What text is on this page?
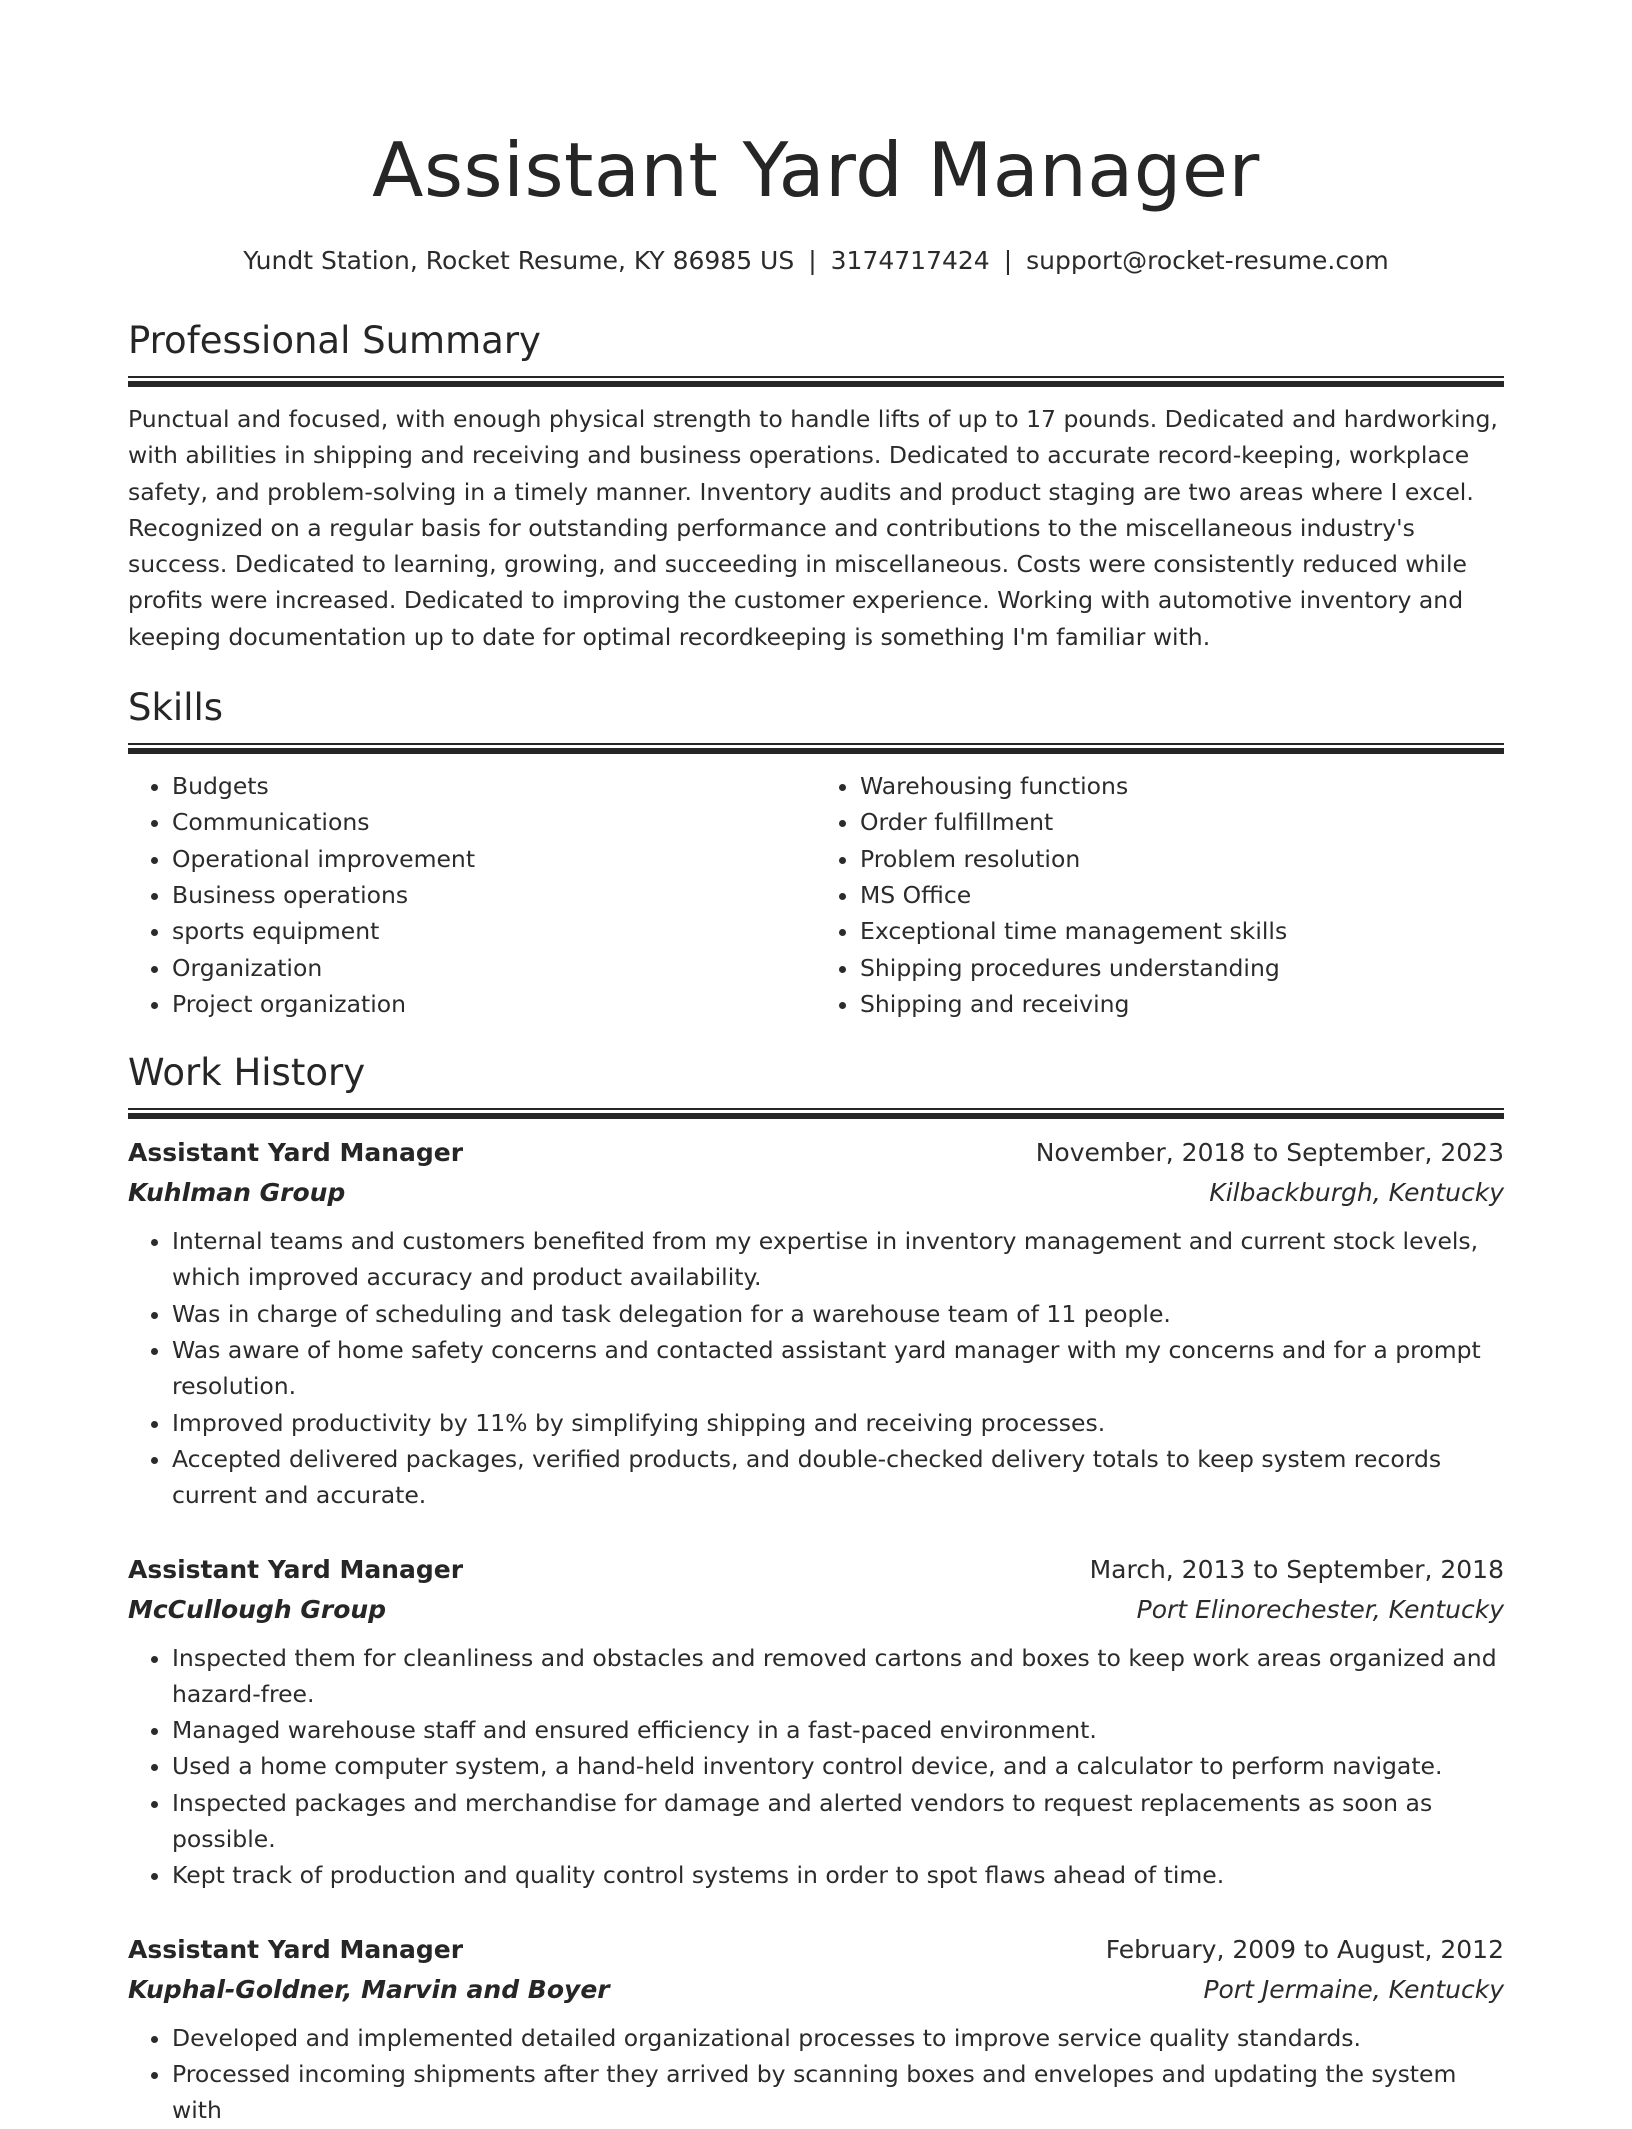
Assistant Yard Manager
Yundt Station, Rocket Resume, KY 86985 US | 3174717424 | support@rocket-resume.com
Professional Summary

Punctual and focused, with enough physical strength to handle lifts of up to 17 pounds. Dedicated and hardworking, with abilities in shipping and receiving and business operations. Dedicated to accurate record-keeping, workplace safety, and problem-solving in a timely manner. Inventory audits and product staging are two areas where I excel. Recognized on a regular basis for outstanding performance and contributions to the miscellaneous industry's success. Dedicated to learning, growing, and succeeding in miscellaneous. Costs were consistently reduced while profits were increased. Dedicated to improving the customer experience. Working with automotive inventory and keeping documentation up to date for optimal recordkeeping is something I'm familiar with.

Skills
• Budgets
• Communications
• Operational improvement
• Business operations
• sports equipment
• Organization
• Project organization
• Warehousing functions
• Order fulfillment
• Problem resolution
• MS Office
• Exceptional time management skills
• Shipping procedures understanding
• Shipping and receiving
Work History
Assistant Yard Manager	November, 2018 to September, 2023
Kuhlman Group	Kilbackburgh, Kentucky
• Internal teams and customers benefited from my expertise in inventory management and current stock levels, which improved accuracy and product availability.
• Was in charge of scheduling and task delegation for a warehouse team of 11 people.
• Was aware of home safety concerns and contacted assistant yard manager with my concerns and for a prompt resolution.
• Improved productivity by 11% by simplifying shipping and receiving processes.
• Accepted delivered packages, verified products, and double-checked delivery totals to keep system records current and accurate.
Assistant Yard Manager	March, 2013 to September, 2018
McCullough Group	Port Elinorechester, Kentucky
• Inspected them for cleanliness and obstacles and removed cartons and boxes to keep work areas organized and hazard-free.
• Managed warehouse staff and ensured efficiency in a fast-paced environment.
• Used a home computer system, a hand-held inventory control device, and a calculator to perform navigate.
• Inspected packages and merchandise for damage and alerted vendors to request replacements as soon as possible.
• Kept track of production and quality control systems in order to spot flaws ahead of time.
Assistant Yard Manager	February, 2009 to August, 2012
Kuphal-Goldner, Marvin and Boyer	Port Jermaine, Kentucky
• Developed and implemented detailed organizational processes to improve service quality standards.
• Processed incoming shipments after they arrived by scanning boxes and envelopes and updating the system with
